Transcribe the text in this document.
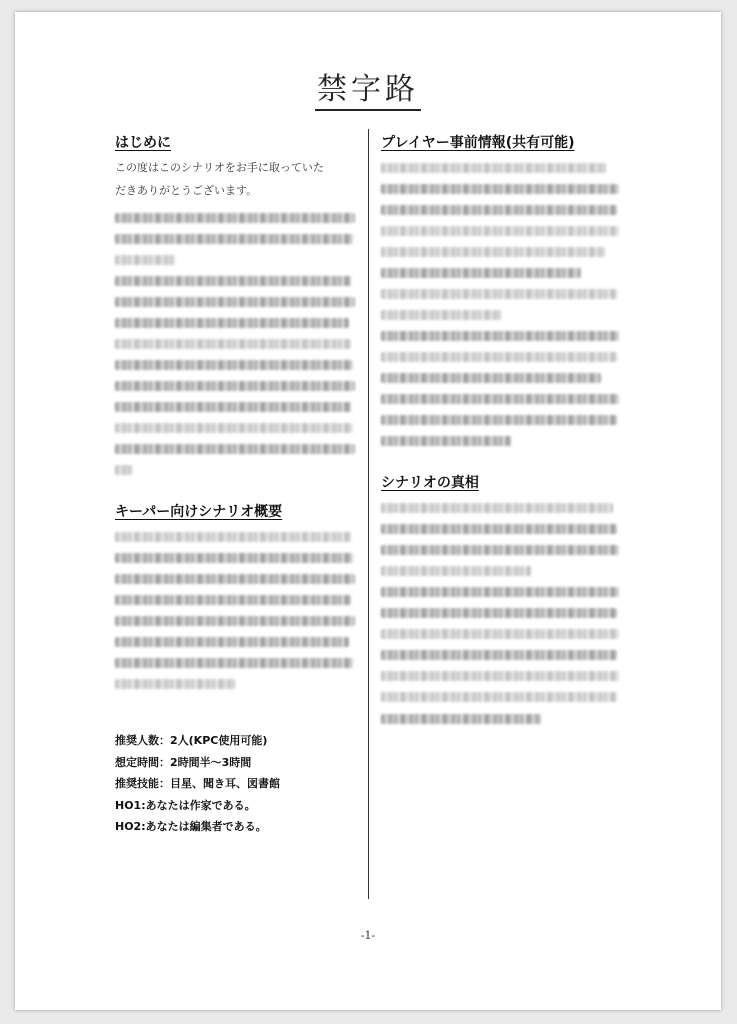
禁字路
はじめに
この度はこのシナリオをお手に取っていた
だきありがとうございます。
キーパー向けシナリオ概要
推奨人数：2人(KPC使用可能)
想定時間：2時間半〜3時間
推奨技能：目星、聞き耳、図書館
HO1:あなたは作家である。
HO2:あなたは編集者である。
プレイヤー事前情報(共有可能)
シナリオの真相
-1-
